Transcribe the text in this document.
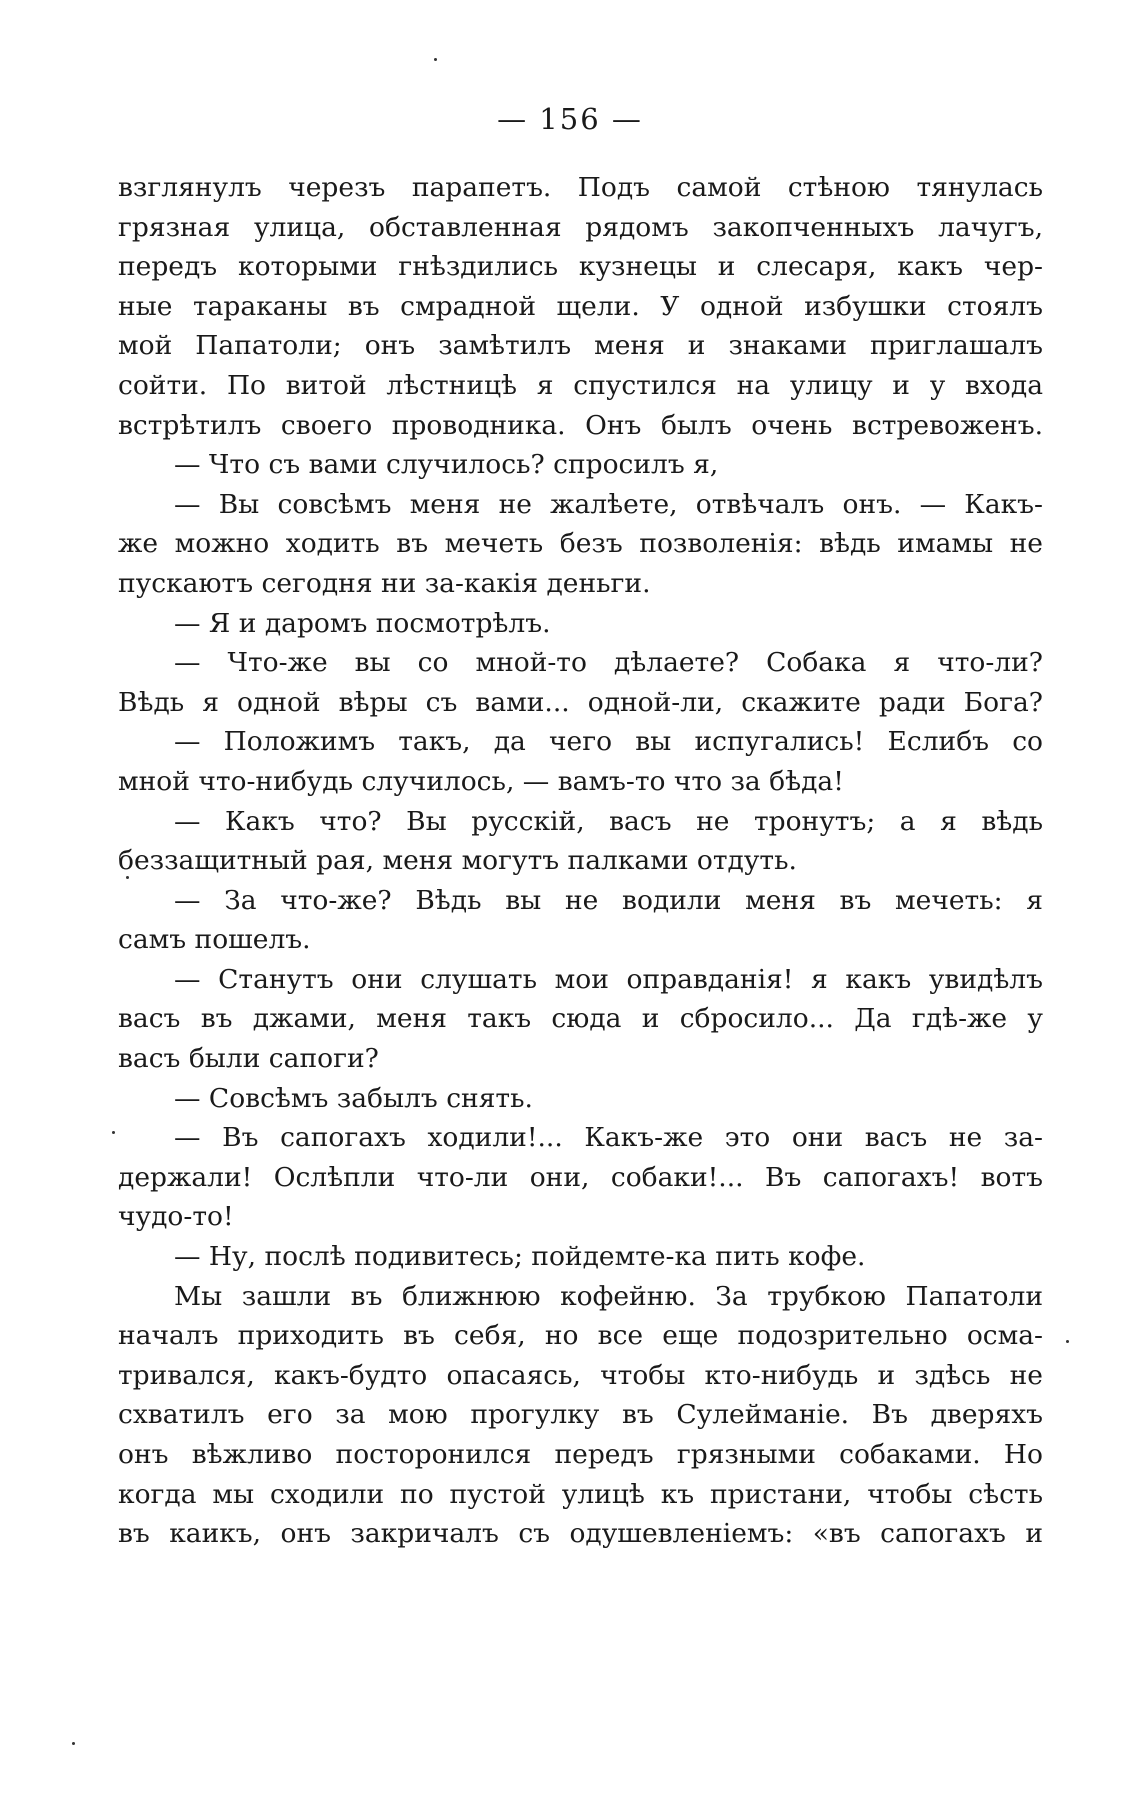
— 156 —
взглянулъ черезъ парапетъ. Подъ самой стѣною тянулась
грязная улица, обставленная рядомъ закопченныхъ лачугъ,
передъ которыми гнѣздились кузнецы и слесаря, какъ чер-
ные тараканы въ смрадной щели. У одной избушки стоялъ
мой Папатоли; онъ замѣтилъ меня и знаками приглашалъ
сойти. По витой лѣстницѣ я спустился на улицу и у входа
встрѣтилъ своего проводника. Онъ былъ очень встревоженъ.
— Что съ вами случилось? спросилъ я,
— Вы совсѣмъ меня не жалѣете, отвѣчалъ онъ. — Какъ-
же можно ходить въ мечеть безъ позволенія: вѣдь имамы не
пускаютъ сегодня ни за-какія деньги.
— Я и даромъ посмотрѣлъ.
— Что-же вы со мной-то дѣлаете? Собака я что-ли?
Вѣдь я одной вѣры съ вами... одной-ли, скажите ради Бога?
— Положимъ такъ, да чего вы испугались! Еслибъ со
мной что-нибудь случилось, — вамъ-то что за бѣда!
— Какъ что? Вы русскій, васъ не тронутъ; а я вѣдь
беззащитный рая, меня могутъ палками отдуть.
— За что-же? Вѣдь вы не водили меня въ мечеть: я
самъ пошелъ.
— Станутъ они слушать мои оправданія! я какъ увидѣлъ
васъ въ джами, меня такъ сюда и сбросило... Да гдѣ-же у
васъ были сапоги?
— Совсѣмъ забылъ снять.
— Въ сапогахъ ходили!... Какъ-же это они васъ не за-
держали! Ослѣпли что-ли они, собаки!... Въ сапогахъ! вотъ
чудо-то!
— Ну, послѣ подивитесь; пойдемте-ка пить кофе.
Мы зашли въ ближнюю кофейню. За трубкою Папатоли
началъ приходить въ себя, но все еще подозрительно осма-
тривался, какъ-будто опасаясь, чтобы кто-нибудь и здѣсь не
схватилъ его за мою прогулку въ Сулейманіе. Въ дверяхъ
онъ вѣжливо посторонился передъ грязными собаками. Но
когда мы сходили по пустой улицѣ къ пристани, чтобы сѣсть
въ каикъ, онъ закричалъ съ одушевленіемъ: «въ сапогахъ и
